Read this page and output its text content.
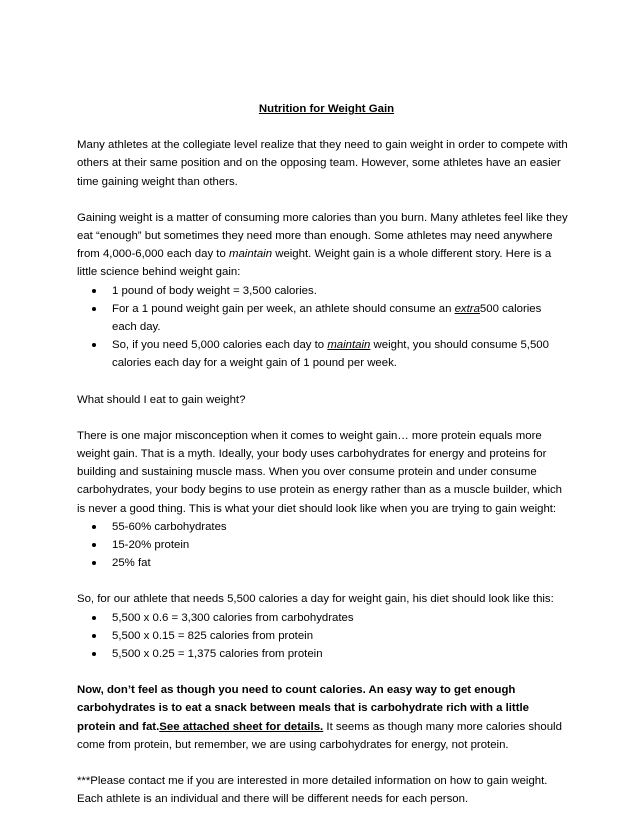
Nutrition for Weight Gain

Many athletes at the collegiate level realize that they need to gain weight in order to compete with others at their same position and on the opposing team. However, some athletes have an easier time gaining weight than others.

Gaining weight is a matter of consuming more calories than you burn. Many athletes feel like they eat “enough” but sometimes they need more than enough. Some athletes may need anywhere from 4,000-6,000 each day to maintain weight. Weight gain is a whole different story. Here is a little science behind weight gain:

1 pound of body weight = 3,500 calories.
For a 1 pound weight gain per week, an athlete should consume an extra500 calories each day.
So, if you need 5,000 calories each day to maintain weight, you should consume 5,500 calories each day for a weight gain of 1 pound per week.

What should I eat to gain weight?

There is one major misconception when it comes to weight gain… more protein equals more weight gain. That is a myth. Ideally, your body uses carbohydrates for energy and proteins for building and sustaining muscle mass. When you over consume protein and under consume carbohydrates, your body begins to use protein as energy rather than as a muscle builder, which is never a good thing. This is what your diet should look like when you are trying to gain weight:

55-60% carbohydrates
15-20% protein
25% fat

So, for our athlete that needs 5,500 calories a day for weight gain, his diet should look like this:

5,500 x 0.6 = 3,300 calories from carbohydrates
5,500 x 0.15 = 825 calories from protein
5,500 x 0.25 = 1,375 calories from protein

Now, don’t feel as though you need to count calories. An easy way to get enough carbohydrates is to eat a snack between meals that is carbohydrate rich with a little protein and fat.See attached sheet for details. It seems as though many more calories should come from protein, but remember, we are using carbohydrates for energy, not protein.

***Please contact me if you are interested in more detailed information on how to gain weight. Each athlete is an individual and there will be different needs for each person.
